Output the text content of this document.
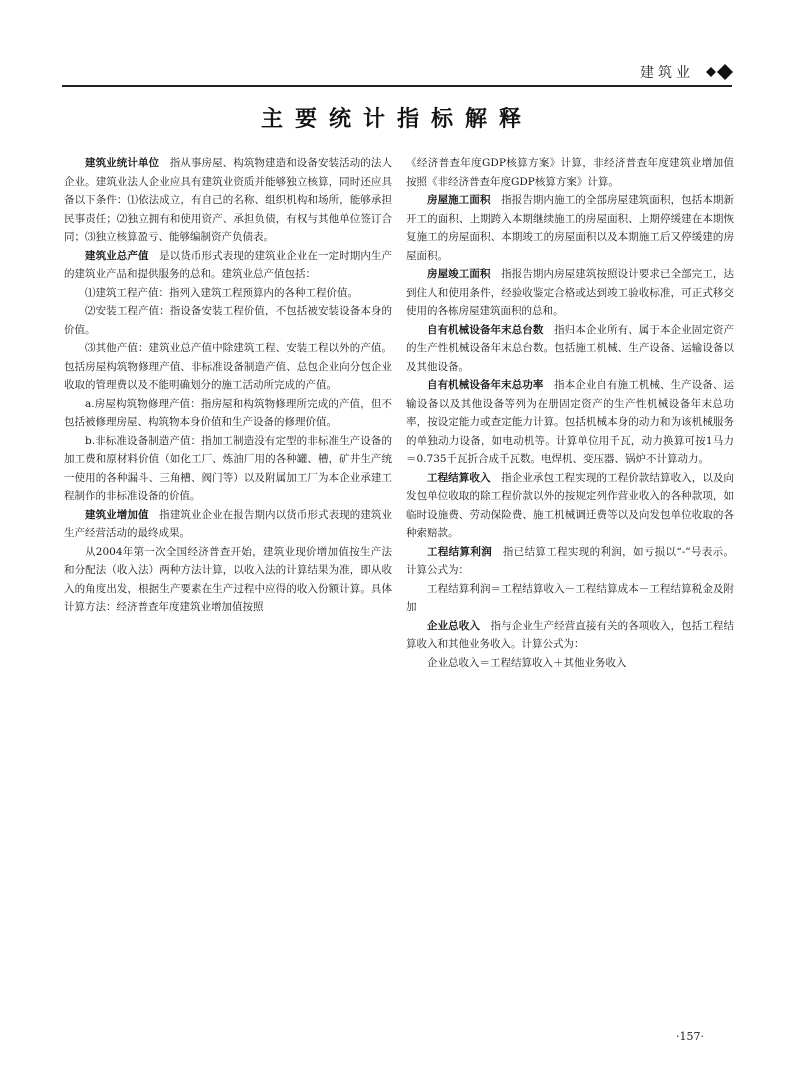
建筑业
主要统计指标解释

建筑业统计单位　 指从事房屋、构筑物建造和设备安装活动的法人企业。建筑业法人企业应具有建筑业资质并能够独立核算，同时还应具备以下条件：⑴依法成立，有自己的名称、组织机构和场所，能够承担民事责任；⑵独立拥有和使用资产、承担负债，有权与其他单位签订合同；⑶独立核算盈亏、能够编制资产负债表。

建筑业总产值　 是以货币形式表现的建筑业企业在一定时期内生产的建筑业产品和提供服务的总和。建筑业总产值包括：

⑴建筑工程产值：指列入建筑工程预算内的各种工程价值。

⑵安装工程产值：指设备安装工程价值，不包括被安装设备本身的价值。

⑶其他产值：建筑业总产值中除建筑工程、安装工程以外的产值。包括房屋构筑物修理产值、非标准设备制造产值、总包企业向分包企业收取的管理费以及不能明确划分的施工活动所完成的产值。

a.房屋构筑物修理产值：指房屋和构筑物修理所完成的产值，但不包括被修理房屋、构筑物本身价值和生产设备的修理价值。

b.非标准设备制造产值：指加工制造没有定型的非标准生产设备的加工费和原材料价值（如化工厂、炼油厂用的各种罐、槽，矿井生产统一使用的各种漏斗、三角槽、阀门等）以及附属加工厂为本企业承建工程制作的非标准设备的价值。

建筑业增加值　 指建筑业企业在报告期内以货币形式表现的建筑业生产经营活动的最终成果。

从2004年第一次全国经济普查开始，建筑业现价增加值按生产法和分配法（收入法）两种方法计算，以收入法的计算结果为准，即从收入的角度出发，根据生产要素在生产过程中应得的收入份额计算。具体计算方法：经济普查年度建筑业增加值按照

《经济普查年度GDP核算方案》计算，非经济普查年度建筑业增加值按照《非经济普查年度GDP核算方案》计算。

房屋施工面积　 指报告期内施工的全部房屋建筑面积，包括本期新开工的面积、上期跨入本期继续施工的房屋面积、上期停缓建在本期恢复施工的房屋面积、本期竣工的房屋面积以及本期施工后又停缓建的房屋面积。

房屋竣工面积　 指报告期内房屋建筑按照设计要求已全部完工，达到住人和使用条件，经验收鉴定合格或达到竣工验收标准，可正式移交使用的各栋房屋建筑面积的总和。

自有机械设备年末总台数　 指归本企业所有、属于本企业固定资产的生产性机械设备年末总台数。包括施工机械、生产设备、运输设备以及其他设备。

自有机械设备年末总功率　 指本企业自有施工机械、生产设备、运输设备以及其他设备等列为在册固定资产的生产性机械设备年末总功率，按设定能力或查定能力计算。包括机械本身的动力和为该机械服务的单独动力设备，如电动机等。计算单位用千瓦，动力换算可按1马力＝0.735千瓦折合成千瓦数。电焊机、变压器、锅炉不计算动力。

工程结算收入　 指企业承包工程实现的工程价款结算收入，以及向发包单位收取的除工程价款以外的按规定列作营业收入的各种款项，如临时设施费、劳动保险费、施工机械调迁费等以及向发包单位收取的各种索赔款。

工程结算利润　 指已结算工程实现的利润，如亏损以“-”号表示。计算公式为：

工程结算利润＝工程结算收入－工程结算成本－工程结算税金及附加

企业总收入　 指与企业生产经营直接有关的各项收入，包括工程结算收入和其他业务收入。计算公式为：

企业总收入＝工程结算收入＋其他业务收入

·157·
